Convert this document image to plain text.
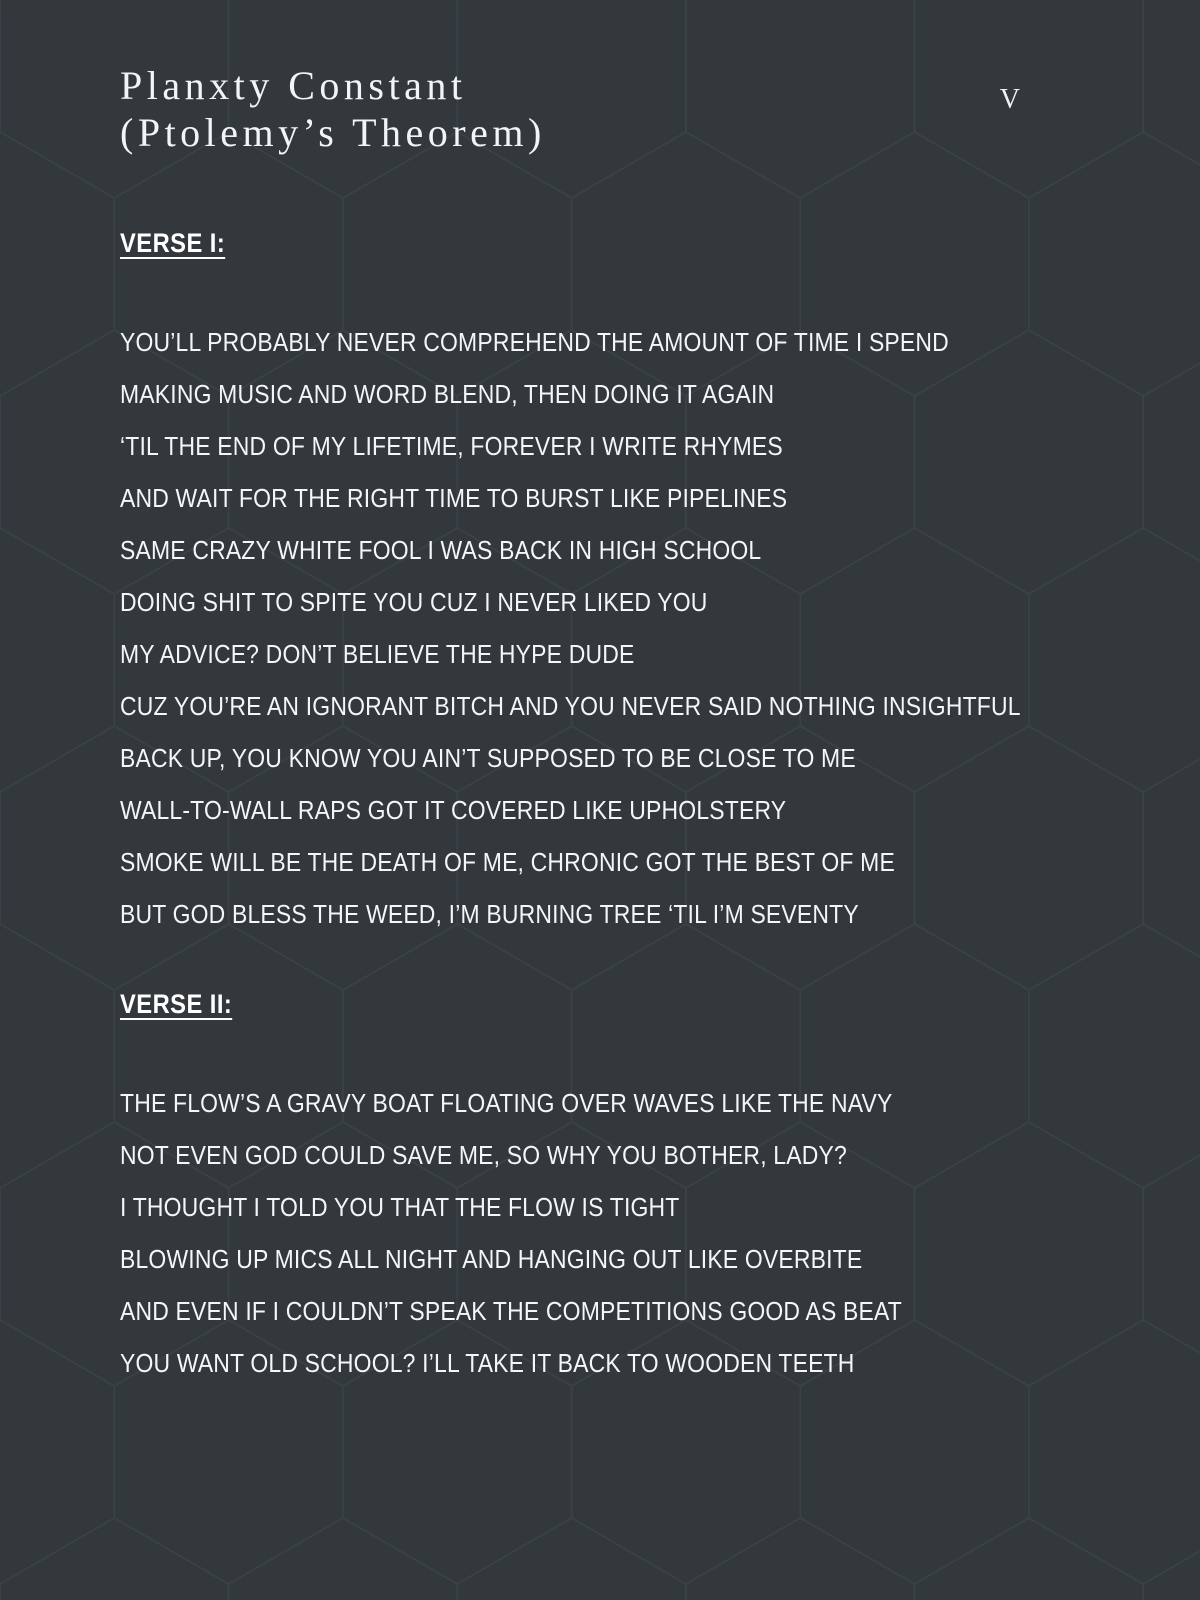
Planxty Constant
(Ptolemy’s Theorem)
V
VERSE I:
YOU’LL PROBABLY NEVER COMPREHEND THE AMOUNT OF TIME I SPEND
MAKING MUSIC AND WORD BLEND, THEN DOING IT AGAIN
‘TIL THE END OF MY LIFETIME, FOREVER I WRITE RHYMES
AND WAIT FOR THE RIGHT TIME TO BURST LIKE PIPELINES
SAME CRAZY WHITE FOOL I WAS BACK IN HIGH SCHOOL
DOING SHIT TO SPITE YOU CUZ I NEVER LIKED YOU
MY ADVICE? DON’T BELIEVE THE HYPE DUDE
CUZ YOU’RE AN IGNORANT BITCH AND YOU NEVER SAID NOTHING INSIGHTFUL
BACK UP, YOU KNOW YOU AIN’T SUPPOSED TO BE CLOSE TO ME
WALL-TO-WALL RAPS GOT IT COVERED LIKE UPHOLSTERY
SMOKE WILL BE THE DEATH OF ME, CHRONIC GOT THE BEST OF ME
BUT GOD BLESS THE WEED, I’M BURNING TREE ‘TIL I’M SEVENTY
VERSE II:
THE FLOW’S A GRAVY BOAT FLOATING OVER WAVES LIKE THE NAVY
NOT EVEN GOD COULD SAVE ME, SO WHY YOU BOTHER, LADY?
I THOUGHT I TOLD YOU THAT THE FLOW IS TIGHT
BLOWING UP MICS ALL NIGHT AND HANGING OUT LIKE OVERBITE
AND EVEN IF I COULDN’T SPEAK THE COMPETITIONS GOOD AS BEAT
YOU WANT OLD SCHOOL? I’LL TAKE IT BACK TO WOODEN TEETH
